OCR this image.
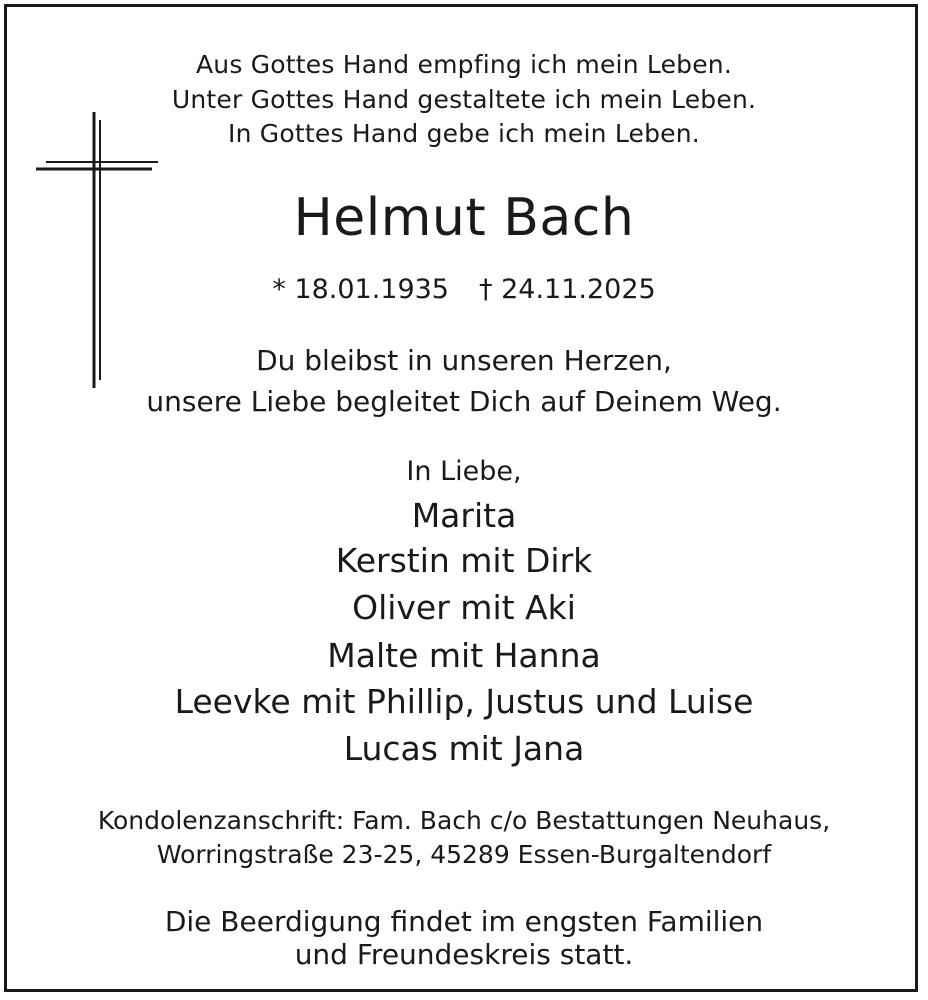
Aus Gottes Hand empfing ich mein Leben.
Unter Gottes Hand gestaltete ich mein Leben.
In Gottes Hand gebe ich mein Leben.
Helmut Bach
* 18.01.1935 † 24.11.2025
Du bleibst in unseren Herzen,
unsere Liebe begleitet Dich auf Deinem Weg.
In Liebe,
Marita
Kerstin mit Dirk
Oliver mit Aki
Malte mit Hanna
Leevke mit Phillip, Justus und Luise
Lucas mit Jana
Kondolenzanschrift: Fam. Bach c/o Bestattungen Neuhaus,
Worringstraße 23-25, 45289 Essen-Burgaltendorf
Die Beerdigung findet im engsten Familien
und Freundeskreis statt.
